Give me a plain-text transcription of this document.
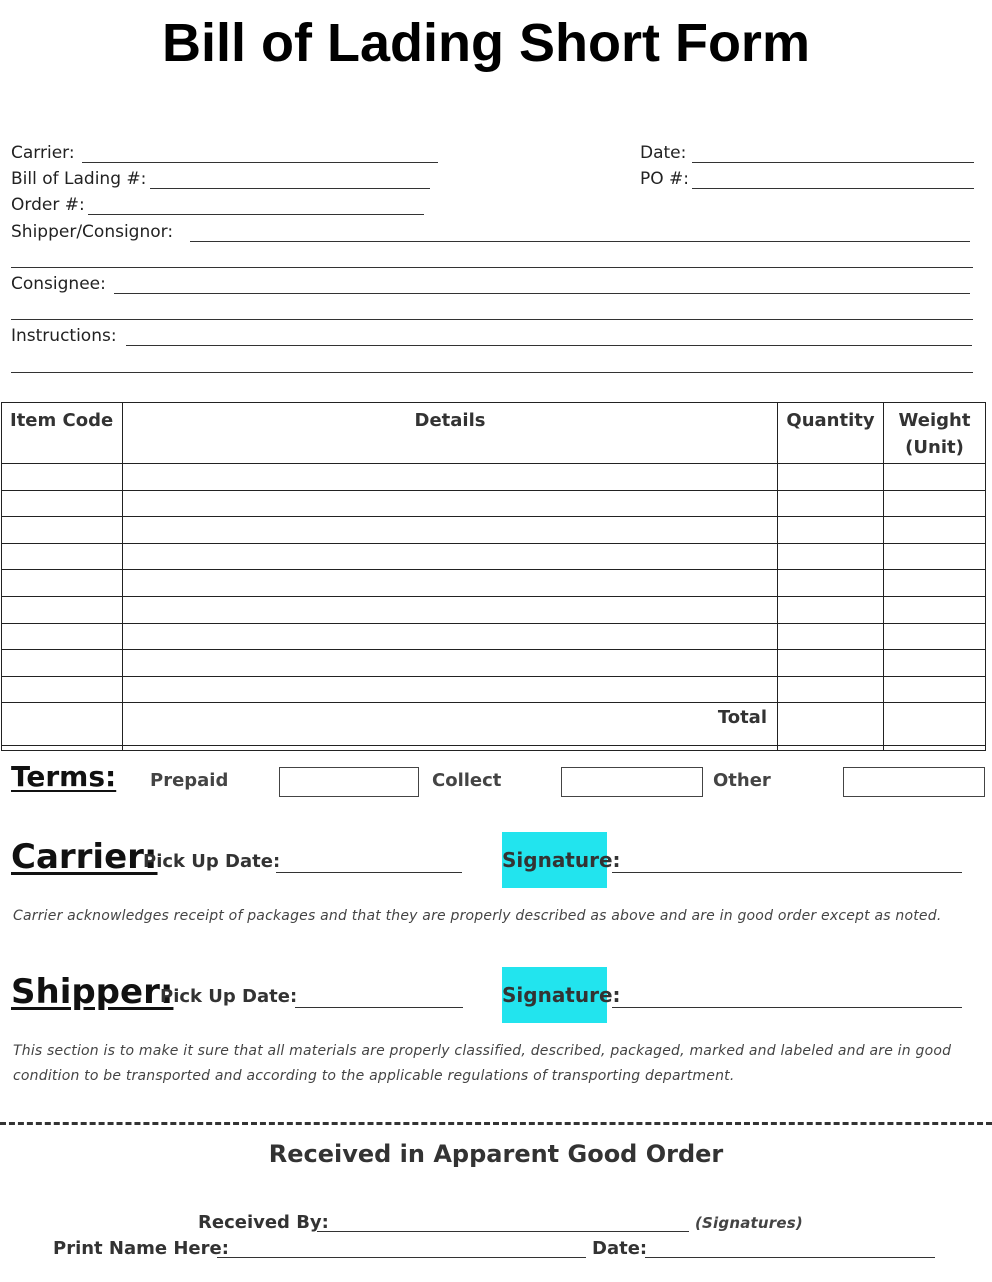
Bill of Lading Short Form
Carrier:
Bill of Lading #:
Order #:
Shipper/Consignor:
Consignee:
Instructions:
Date:
PO #:
Item Code	Details	Quantity	Weight
(Unit)

	Total		

Terms: Prepaid	Collect	Other
Carrier:
Pick Up Date:	Signature:
Carrier acknowledges receipt of packages and that they are properly described as above and are in good order except as noted.
Shipper:
Pick Up Date:	Signature:
This section is to make it sure that all materials are properly classified, described, packaged, marked and labeled and are in good
condition to be transported and according to the applicable regulations of transporting department.
Received in Apparent Good Order
Received By:	(Signatures)
Print Name Here:	Date:
